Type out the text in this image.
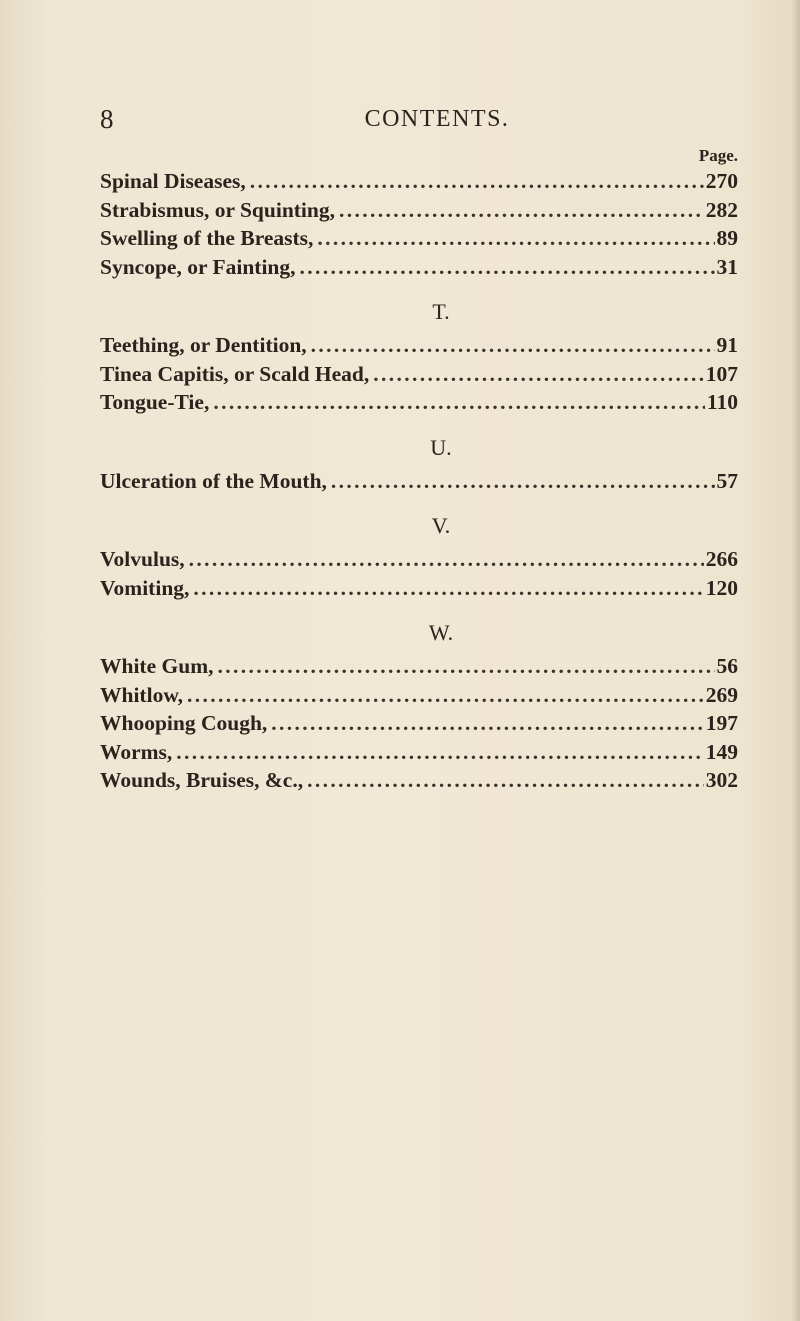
8	CONTENTS.
Page.
Spinal Diseases, . . .	270
Strabismus, or Squinting, . . .	282
Swelling of the Breasts, . . .	89
Syncope, or Fainting, . . .	31
T.
Teething, or Dentition, . . .	91
Tinea Capitis, or Scald Head, . . .	107
Tongue-Tie, . . .	110
U.
Ulceration of the Mouth, . . .	57
V.
Volvulus, . . .	266
Vomiting, . . .	120
W.
White Gum, . . .	56
Whitlow, . . .	269
Whooping Cough, . . .	197
Worms, . . .	149
Wounds, Bruises, &c., . . .	302
